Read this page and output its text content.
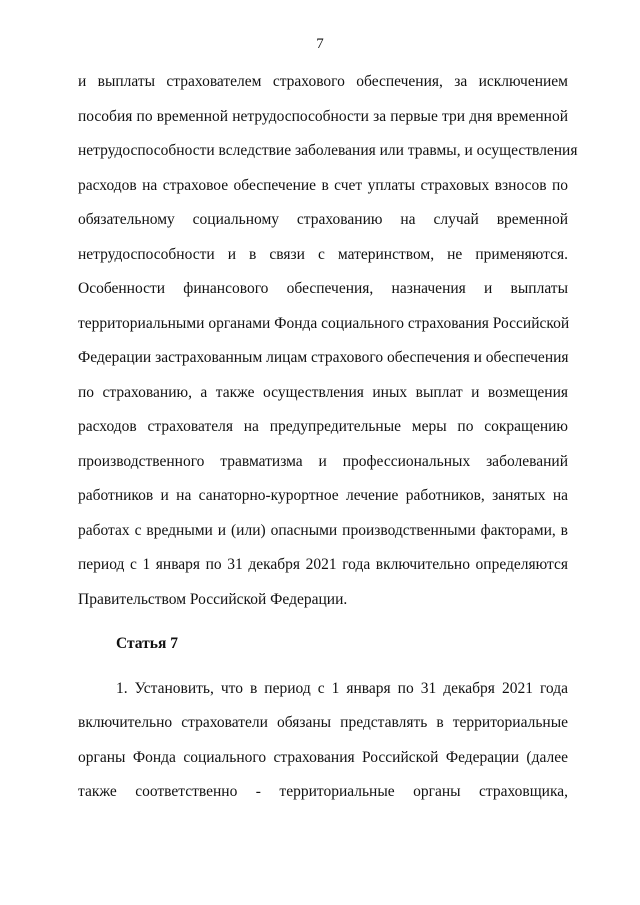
7
и выплаты страхователем страхового обеспечения, за исключением
пособия по временной нетрудоспособности за первые три дня временной
нетрудоспособности вследствие заболевания или травмы, и осуществления
расходов на страховое обеспечение в счет уплаты страховых взносов по
обязательному социальному страхованию на случай временной
нетрудоспособности и в связи с материнством, не применяются.
Особенности финансового обеспечения, назначения и выплаты
территориальными органами Фонда социального страхования Российской
Федерации застрахованным лицам страхового обеспечения и обеспечения
по страхованию, а также осуществления иных выплат и возмещения
расходов страхователя на предупредительные меры по сокращению
производственного травматизма и профессиональных заболеваний
работников и на санаторно-курортное лечение работников, занятых на
работах с вредными и (или) опасными производственными факторами, в
период с 1 января по 31 декабря 2021 года включительно определяются
Правительством Российской Федерации.
Статья 7
1. Установить, что в период с 1 января по 31 декабря 2021 года
включительно страхователи обязаны представлять в территориальные
органы Фонда социального страхования Российской Федерации (далее
также соответственно - территориальные органы страховщика,
